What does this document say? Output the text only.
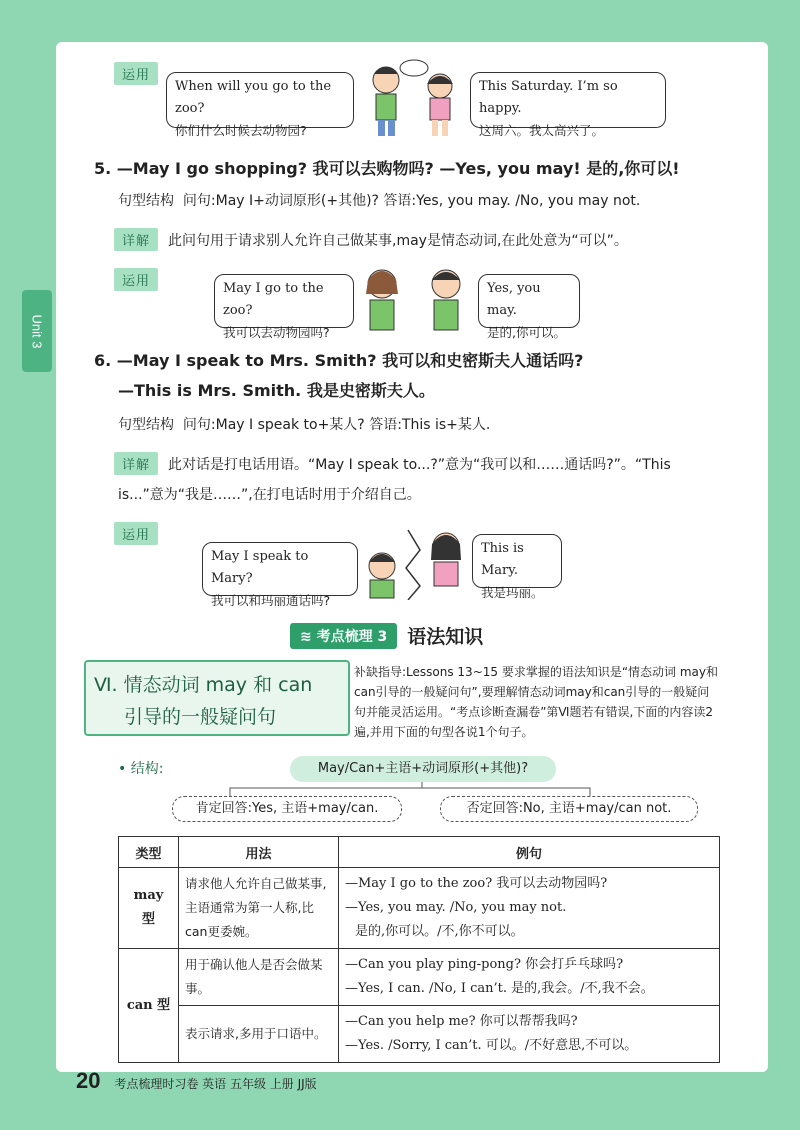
Unit 3
运用
When will you go to the zoo?
你们什么时候去动物园?
This Saturday. I’m so happy.
这周六。我太高兴了。
5. —May I go shopping? 我可以去购物吗? —Yes, you may! 是的,你可以!
句型结构 问句:May I+动词原形(+其他)? 答语:Yes, you may. /No, you may not.
详解	此问句用于请求别人允许自己做某事,may是情态动词,在此处意为“可以”。
运用	May I go to the zoo?
我可以去动物园吗?
Yes, you may.
是的,你可以。
6. —May I speak to Mrs. Smith? 我可以和史密斯夫人通话吗?
—This is Mrs. Smith. 我是史密斯夫人。
句型结构 问句:May I speak to+某人? 答语:This is+某人.
详解	此对话是打电话用语。“May I speak to...?”意为“我可以和……通话吗?”。“This
is...”意为“我是……”,在打电话时用于介绍自己。
运用
May I speak to Mary?
我可以和玛丽通话吗?
This is Mary.
我是玛丽。
≋ 考点梳理 3	语法知识
Ⅵ. 情态动词 may 和 can
引导的一般疑问句
补缺指导:Lessons 13~15 要求掌握的语法知识是“情态动词 may和can引导的一般疑问句”,要理解情态动词may和can引导的一般疑问句并能灵活运用。“考点诊断查漏卷”第Ⅵ题若有错误,下面的内容读2遍,并用下面的句型各说1个句子。
• 结构:	May/Can+主语+动词原形(+其他)?
肯定回答:Yes, 主语+may/can.	否定回答:No, 主语+may/can not.
类型	用法	例句
may 型	请求他人允许自己做某事,主语通常为第一人称,比can更委婉。	—May I go to the zoo? 我可以去动物园吗?
—Yes, you may. /No, you may not.
是的,你可以。/不,你不可以。

can 型	用于确认他人是否会做某事。	—Can you play ping-pong? 你会打乒乓球吗?
—Yes, I can. /No, I can’t. 是的,我会。/不,我不会。

	表示请求,多用于口语中。	—Can you help me? 你可以帮帮我吗?
—Yes. /Sorry, I can’t. 可以。/不好意思,不可以。
20 考点梳理时习卷 英语 五年级 上册 JJ版
